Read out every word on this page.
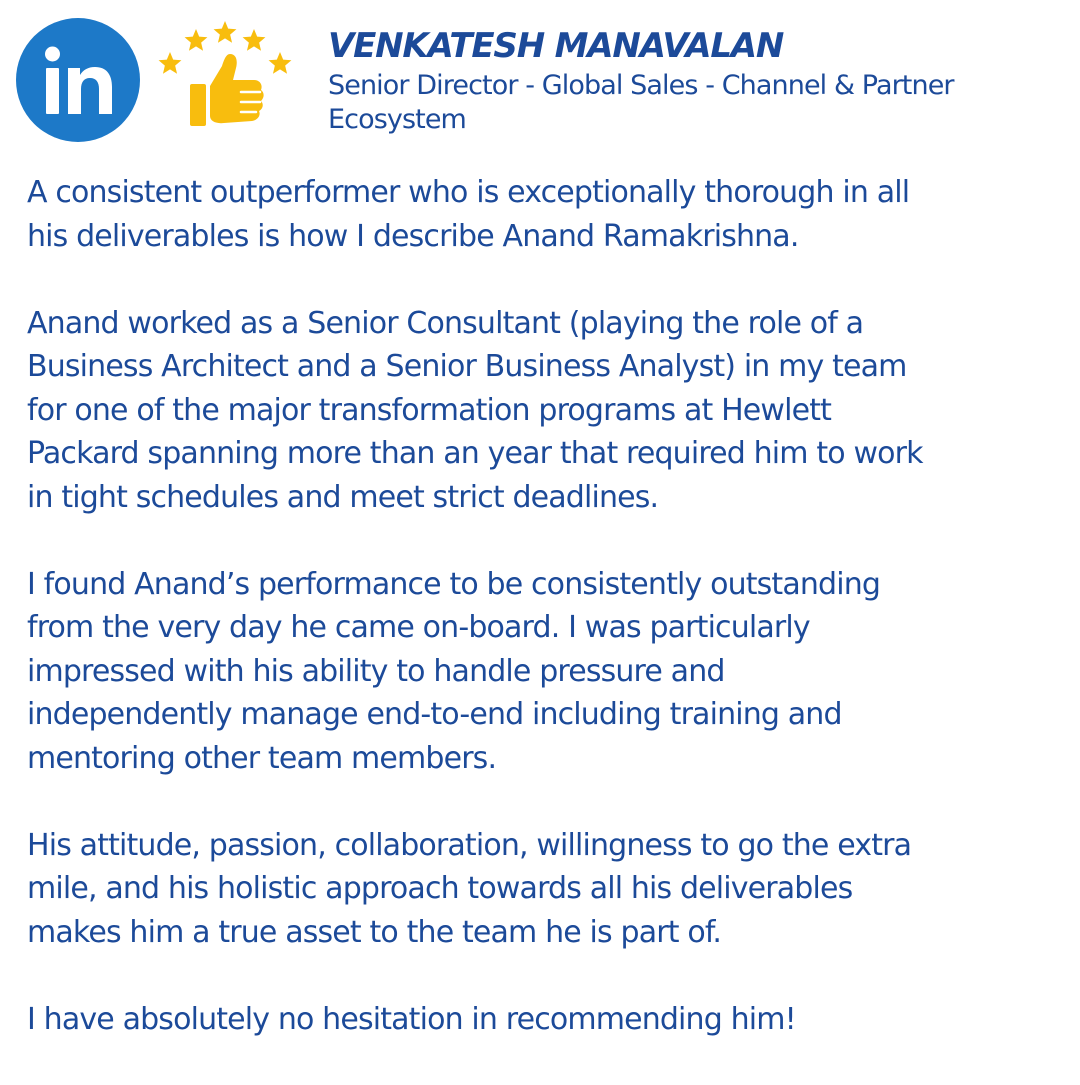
VENKATESH MANAVALAN
Senior Director - Global Sales - Channel & Partner Ecosystem

A consistent outperformer who is exceptionally thorough in all
his deliverables is how I describe Anand Ramakrishna.

Anand worked as a Senior Consultant (playing the role of a
Business Architect and a Senior Business Analyst) in my team
for one of the major transformation programs at Hewlett
Packard spanning more than an year that required him to work
in tight schedules and meet strict deadlines.

I found Anand’s performance to be consistently outstanding
from the very day he came on-board. I was particularly
impressed with his ability to handle pressure and
independently manage end-to-end including training and
mentoring other team members.

His attitude, passion, collaboration, willingness to go the extra
mile, and his holistic approach towards all his deliverables
makes him a true asset to the team he is part of.

I have absolutely no hesitation in recommending him!
